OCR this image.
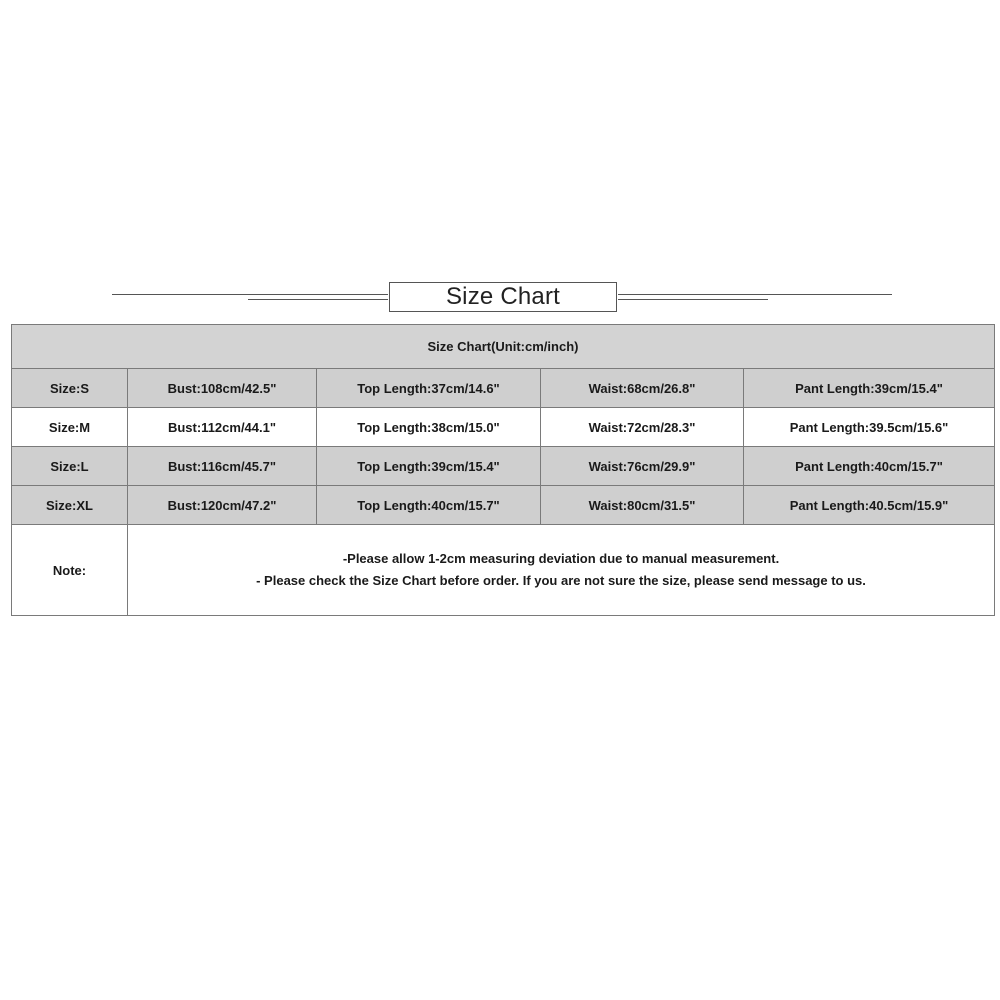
Size Chart
Size Chart(Unit:cm/inch)				
Size:S	Bust:108cm/42.5"	Top Length:37cm/14.6"	Waist:68cm/26.8"	Pant Length:39cm/15.4"
Size:M	Bust:112cm/44.1"	Top Length:38cm/15.0"	Waist:72cm/28.3"	Pant Length:39.5cm/15.6"
Size:L	Bust:116cm/45.7"	Top Length:39cm/15.4"	Waist:76cm/29.9"	Pant Length:40cm/15.7"
Size:XL	Bust:120cm/47.2"	Top Length:40cm/15.7"	Waist:80cm/31.5"	Pant Length:40.5cm/15.9"
Note:	-Please allow 1-2cm measuring deviation due to manual measurement.
- Please check the Size Chart before order. If you are not sure the size, please send message to us.			
